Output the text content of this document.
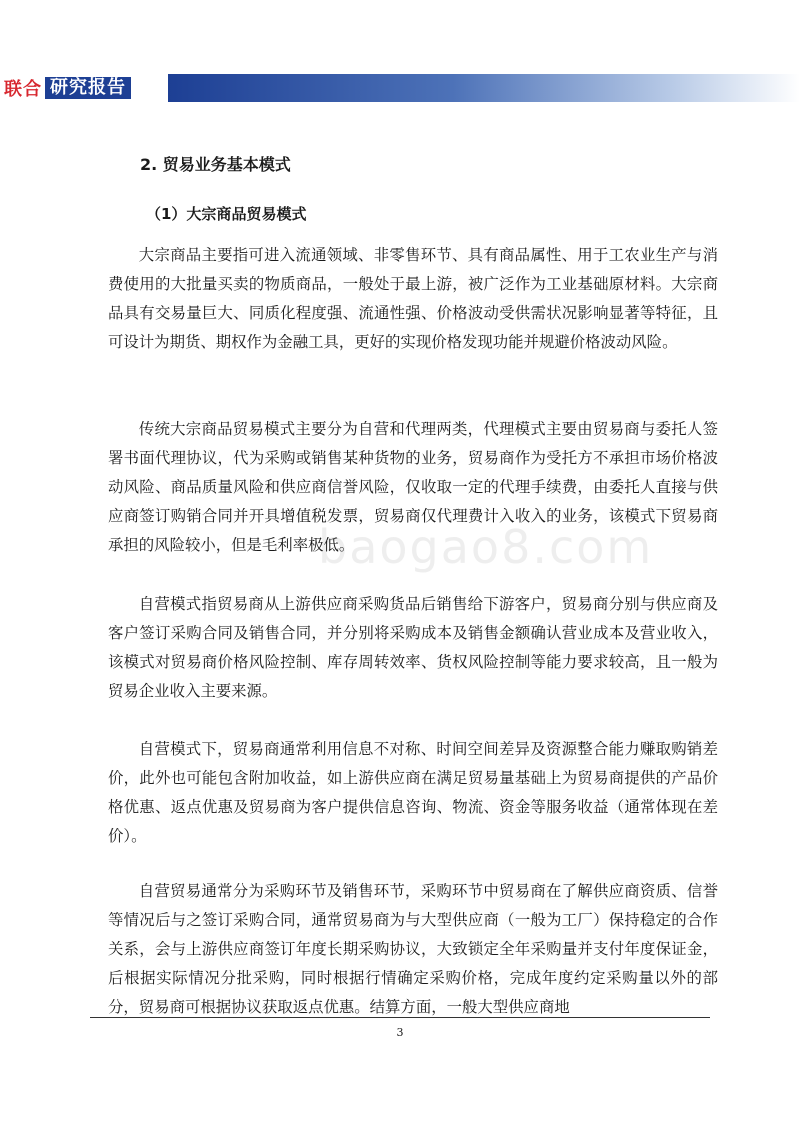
联合 研究报告
baogao8.com
2. 贸易业务基本模式
（1）大宗商品贸易模式

大宗商品主要指可进入流通领域、非零售环节、具有商品属性、用于工农业生产与消费使用的大批量买卖的物质商品，一般处于最上游，被广泛作为工业基础原材料。大宗商品具有交易量巨大、同质化程度强、流通性强、价格波动受供需状况影响显著等特征，且可设计为期货、期权作为金融工具，更好的实现价格发现功能并规避价格波动风险。

传统大宗商品贸易模式主要分为自营和代理两类，代理模式主要由贸易商与委托人签署书面代理协议，代为采购或销售某种货物的业务，贸易商作为受托方不承担市场价格波动风险、商品质量风险和供应商信誉风险，仅收取一定的代理手续费，由委托人直接与供应商签订购销合同并开具增值税发票，贸易商仅代理费计入收入的业务，该模式下贸易商承担的风险较小，但是毛利率极低。

自营模式指贸易商从上游供应商采购货品后销售给下游客户，贸易商分别与供应商及客户签订采购合同及销售合同，并分别将采购成本及销售金额确认营业成本及营业收入，该模式对贸易商价格风险控制、库存周转效率、货权风险控制等能力要求较高，且一般为贸易企业收入主要来源。

自营模式下，贸易商通常利用信息不对称、时间空间差异及资源整合能力赚取购销差价，此外也可能包含附加收益，如上游供应商在满足贸易量基础上为贸易商提供的产品价格优惠、返点优惠及贸易商为客户提供信息咨询、物流、资金等服务收益（通常体现在差价）。

自营贸易通常分为采购环节及销售环节，采购环节中贸易商在了解供应商资质、信誉等情况后与之签订采购合同，通常贸易商为与大型供应商（一般为工厂）保持稳定的合作关系，会与上游供应商签订年度长期采购协议，大致锁定全年采购量并支付年度保证金，后根据实际情况分批采购，同时根据行情确定采购价格，完成年度约定采购量以外的部分，贸易商可根据协议获取返点优惠。结算方面，一般大型供应商地

3
